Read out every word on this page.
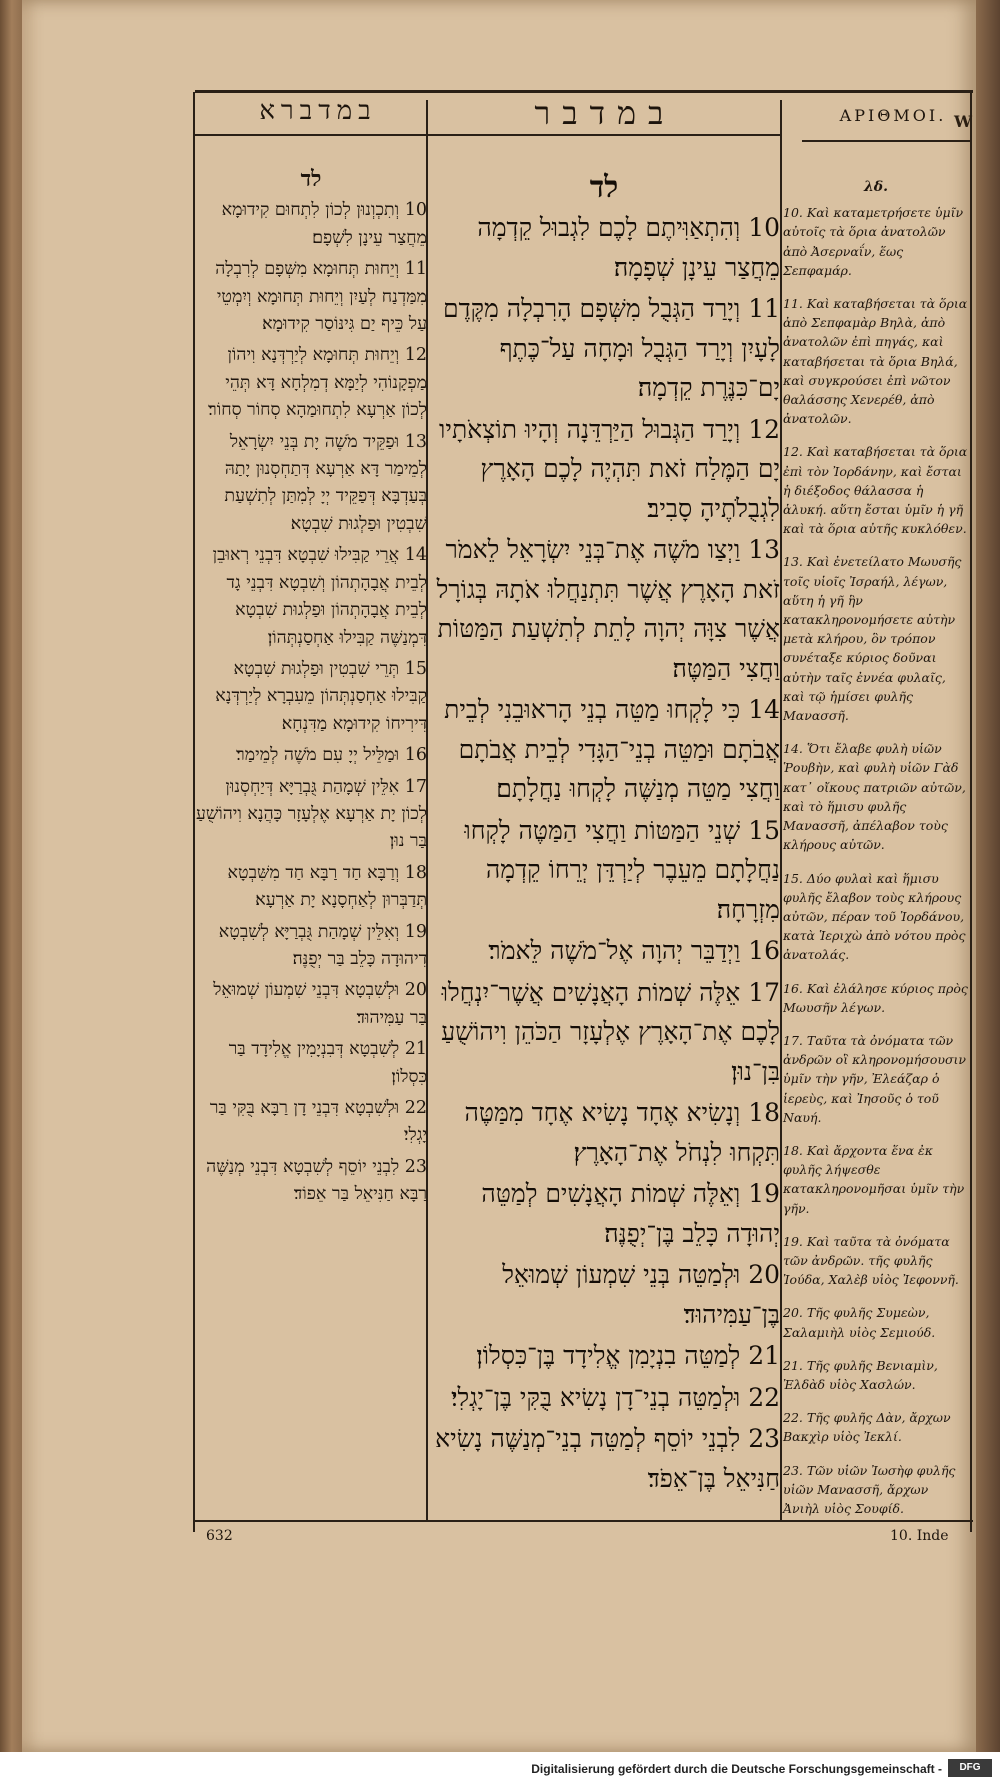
במדברא	במדבר	ΑΡΙΘΜΟΙ.
לד

10 וְתִכְוְנוּן לְכוֹן לִתְחוּם קִידוּמָא מֵחֲצַר עֵינָן לִשְׁפָם׃

11 וְיֵחוּת תְּחוּמָא מִשְּׁפָם לְרִבְלָה מִמַּדְנַח לְעַיִן וְיֵחוּת תְּחוּמָא וְיִמְטֵי עַל כֵּיף יַם גִּינּוֹסַר קִידוּמָא׃

12 וְיֵחוּת תְּחוּמָא לְיַרְדְּנָא וִיהוֹן מַפְקָנוֹהִי לְיַמָּא דְמִלְחָא דָּא תְּהֵי לְכוֹן אַרְעָא לִתְחוּמַהָא סְחוֹר סְחוֹר׃

13 וּפַקֵּיד מֹשֶׁה יָת בְּנֵי יִשְׂרָאֵל לְמֵימַר דָּא אַרְעָא דְּתַחְסְנוּן יָתַהּ בְּעַדְבָּא דְּפַקֵּיד יְיָ לְמִתַּן לְתִשְׁעַת שִׁבְטִין וּפַלְגוּת שִׁבְטָא׃

14 אֲרֵי קַבִּילוּ שִׁבְטָא דִּבְנֵי רְאוּבֵן לְבֵית אֲבָהָתְהוֹן וְשִׁבְטָא דִּבְנֵי גָד לְבֵית אֲבָהָתְהוֹן וּפַלְגוּת שִׁבְטָא דִּמְנַשֶּׁה קַבִּילוּ אַחְסַנְתְּהוֹן׃

15 תְּרֵי שִׁבְטִין וּפַלְגוּת שִׁבְטָא קַבִּילוּ אַחְסַנְתְּהוֹן מֵעִבְרָא לְיַרְדְּנָא דִּירִיחוֹ קִידוּמָא מַדִּנְחָא׃

16 וּמַלֵּיל יְיָ עִם מֹשֶׁה לְמֵימַר׃

17 אִלֵּין שְׁמָהַת גֻּבְרַיָּא דְּיַחְסְנוּן לְכוֹן יָת אַרְעָא אֶלְעָזָר כָּהֲנָא וִיהוֹשֻׁעַ בַּר נוּן׃

18 וְרַבָּא חַד רַבָּא חַד מִשִּׁבְטָא תְּדַבְּרוּן לְאַחְסָנָא יָת אַרְעָא׃

19 וְאִלֵּין שְׁמָהַת גֻּבְרַיָּא לְשִׁבְטָא דִיהוּדָה כָּלֵב בַּר יְפֻנֶּה׃

20 וּלְשִׁבְטָא דִּבְנֵי שִׁמְעוֹן שְׁמוּאֵל בַּר עַמִּיהוּד׃

21 לְשִׁבְטָא דְּבִנְיָמִין אֱלִידָד בַּר כִּסְלוֹן׃

22 וּלְשִׁבְטָא דִּבְנֵי דָן רַבָּא בֻּקִּי בַּר יָגְלִי׃

23 לִבְנֵי יוֹסֵף לְשִׁבְטָא דִּבְנֵי מְנַשֶּׁה רַבָּא חַנִּיאֵל בַּר אֵפוֹד׃

לד

10 וְהִתְאַוִּיתֶם לָכֶם לִגְבוּל קֵדְמָה מֵחֲצַר עֵינָן שְׁפָמָה׃

11 וְיָרַד הַגְּבֻל מִשְּׁפָם הָרִבְלָה מִקֶּדֶם לָעָיִן וְיָרַד הַגְּבֻל וּמָחָה עַל־כֶּתֶף יָם־כִּנֶּרֶת קֵדְמָה׃

12 וְיָרַד הַגְּבוּל הַיַּרְדֵּנָה וְהָיוּ תוֹצְאֹתָיו יָם הַמֶּלַח זֹאת תִּהְיֶה לָכֶם הָאָרֶץ לִגְבֻלֹתֶיהָ סָבִיב׃

13 וַיְצַו מֹשֶׁה אֶת־בְּנֵי יִשְׂרָאֵל לֵאמֹר זֹאת הָאָרֶץ אֲשֶׁר תִּתְנַחֲלוּ אֹתָהּ בְּגוֹרָל אֲשֶׁר צִוָּה יְהוָה לָתֵת לְתִשְׁעַת הַמַּטּוֹת וַחֲצִי הַמַּטֶּה׃

14 כִּי לָקְחוּ מַטֵּה בְנֵי הָראוּבֵנִי לְבֵית אֲבֹתָם וּמַטֵּה בְנֵי־הַגָּדִי לְבֵית אֲבֹתָם וַחֲצִי מַטֵּה מְנַשֶּׁה לָקְחוּ נַחֲלָתָם׃

15 שְׁנֵי הַמַּטּוֹת וַחֲצִי הַמַּטֶּה לָקְחוּ נַחֲלָתָם מֵעֵבֶר לְיַרְדֵּן יְרֵחוֹ קֵדְמָה מִזְרָחָה׃

16 וַיְדַבֵּר יְהוָה אֶל־מֹשֶׁה לֵּאמֹר׃

17 אֵלֶּה שְׁמוֹת הָאֲנָשִׁים אֲשֶׁר־יִנְחֲלוּ לָכֶם אֶת־הָאָרֶץ אֶלְעָזָר הַכֹּהֵן וִיהוֹשֻׁעַ בִּן־נוּן׃

18 וְנָשִׂיא אֶחָד נָשִׂיא אֶחָד מִמַּטֶּה תִּקְחוּ לִנְחֹל אֶת־הָאָרֶץ׃

19 וְאֵלֶּה שְׁמוֹת הָאֲנָשִׁים לְמַטֵּה יְהוּדָה כָּלֵב בֶּן־יְפֻנֶּה׃

20 וּלְמַטֵּה בְּנֵי שִׁמְעוֹן שְׁמוּאֵל בֶּן־עַמִּיהוּד׃

21 לְמַטֵּה בִנְיָמִן אֱלִידָד בֶּן־כִּסְלוֹן׃

22 וּלְמַטֵּה בְנֵי־דָן נָשִׂיא בֻּקִּי בֶּן־יָגְלִי׃

23 לִבְנֵי יוֹסֵף לְמַטֵּה בְנֵי־מְנַשֶּׁה נָשִׂיא חַנִּיאֵל בֶּן־אֵפֹד׃

λδ.

10. Καὶ καταμετρήσετε ὑμῖν αὐτοῖς τὰ ὅρια ἀνατολῶν ἀπὸ Ἀσερναΐν, ἕως Σεπφαμάρ.

11. Καὶ καταβήσεται τὰ ὅρια ἀπὸ Σεπφαμὰρ Βηλὰ, ἀπὸ ἀνατολῶν ἐπὶ πηγάς, καὶ καταβήσεται τὰ ὅρια Βηλά, καὶ συγκρούσει ἐπὶ νῶτον θαλάσσης Χενερέθ, ἀπὸ ἀνατολῶν.

12. Καὶ καταβήσεται τὰ ὅρια ἐπὶ τὸν Ἰορδάνην, καὶ ἔσται ἡ διέξοδος θάλασσα ἡ ἁλυκή. αὕτη ἔσται ὑμῖν ἡ γῆ καὶ τὰ ὅρια αὐτῆς κυκλόθεν.

13. Καὶ ἐνετείλατο Μωυσῆς τοῖς υἱοῖς Ἰσραήλ, λέγων, αὕτη ἡ γῆ ἣν κατακληρονομήσετε αὐτὴν μετὰ κλήρου, ὃν τρόπον συνέταξε κύριος δοῦναι αὐτὴν ταῖς ἐννέα φυλαῖς, καὶ τῷ ἡμίσει φυλῆς Μανασσῆ.

14. Ὅτι ἔλαβε φυλὴ υἱῶν Ῥουβὴν, καὶ φυλὴ υἱῶν Γὰδ κατ᾽ οἴκους πατριῶν αὐτῶν, καὶ τὸ ἥμισυ φυλῆς Μανασσῆ, ἀπέλαβον τοὺς κλήρους αὐτῶν.

15. Δύο φυλαὶ καὶ ἥμισυ φυλῆς ἔλαβον τοὺς κλήρους αὐτῶν, πέραν τοῦ Ἰορδάνου, κατὰ Ἱεριχὼ ἀπὸ νότου πρὸς ἀνατολάς.

16. Καὶ ἐλάλησε κύριος πρὸς Μωυσῆν λέγων.

17. Ταῦτα τὰ ὀνόματα τῶν ἀνδρῶν οἳ κληρονομήσουσιν ὑμῖν τὴν γῆν, Ἐλεάζαρ ὁ ἱερεὺς, καὶ Ἰησοῦς ὁ τοῦ Ναυή.

18. Καὶ ἄρχοντα ἕνα ἐκ φυλῆς λήψεσθε κατακληρονομῆσαι ὑμῖν τὴν γῆν.

19. Καὶ ταῦτα τὰ ὀνόματα τῶν ἀνδρῶν. τῆς φυλῆς Ἰούδα, Χαλὲβ υἱὸς Ἰεφοννῆ.

20. Τῆς φυλῆς Συμεὼν, Σαλαμιὴλ υἱὸς Σεμιούδ.

21. Τῆς φυλῆς Βενιαμὶν, Ἐλδὰδ υἱὸς Χασλών.

22. Τῆς φυλῆς Δὰν, ἄρχων Βακχὶρ υἱὸς Ἰεκλί.

23. Τῶν υἱῶν Ἰωσὴφ φυλῆς υἱῶν Μανασσῆ, ἄρχων Ἀνιὴλ υἱὸς Σουφίδ.

W
632	10. Inde
Digitalisierung gefördert durch die Deutsche Forschungsgemeinschaft -	DFG
